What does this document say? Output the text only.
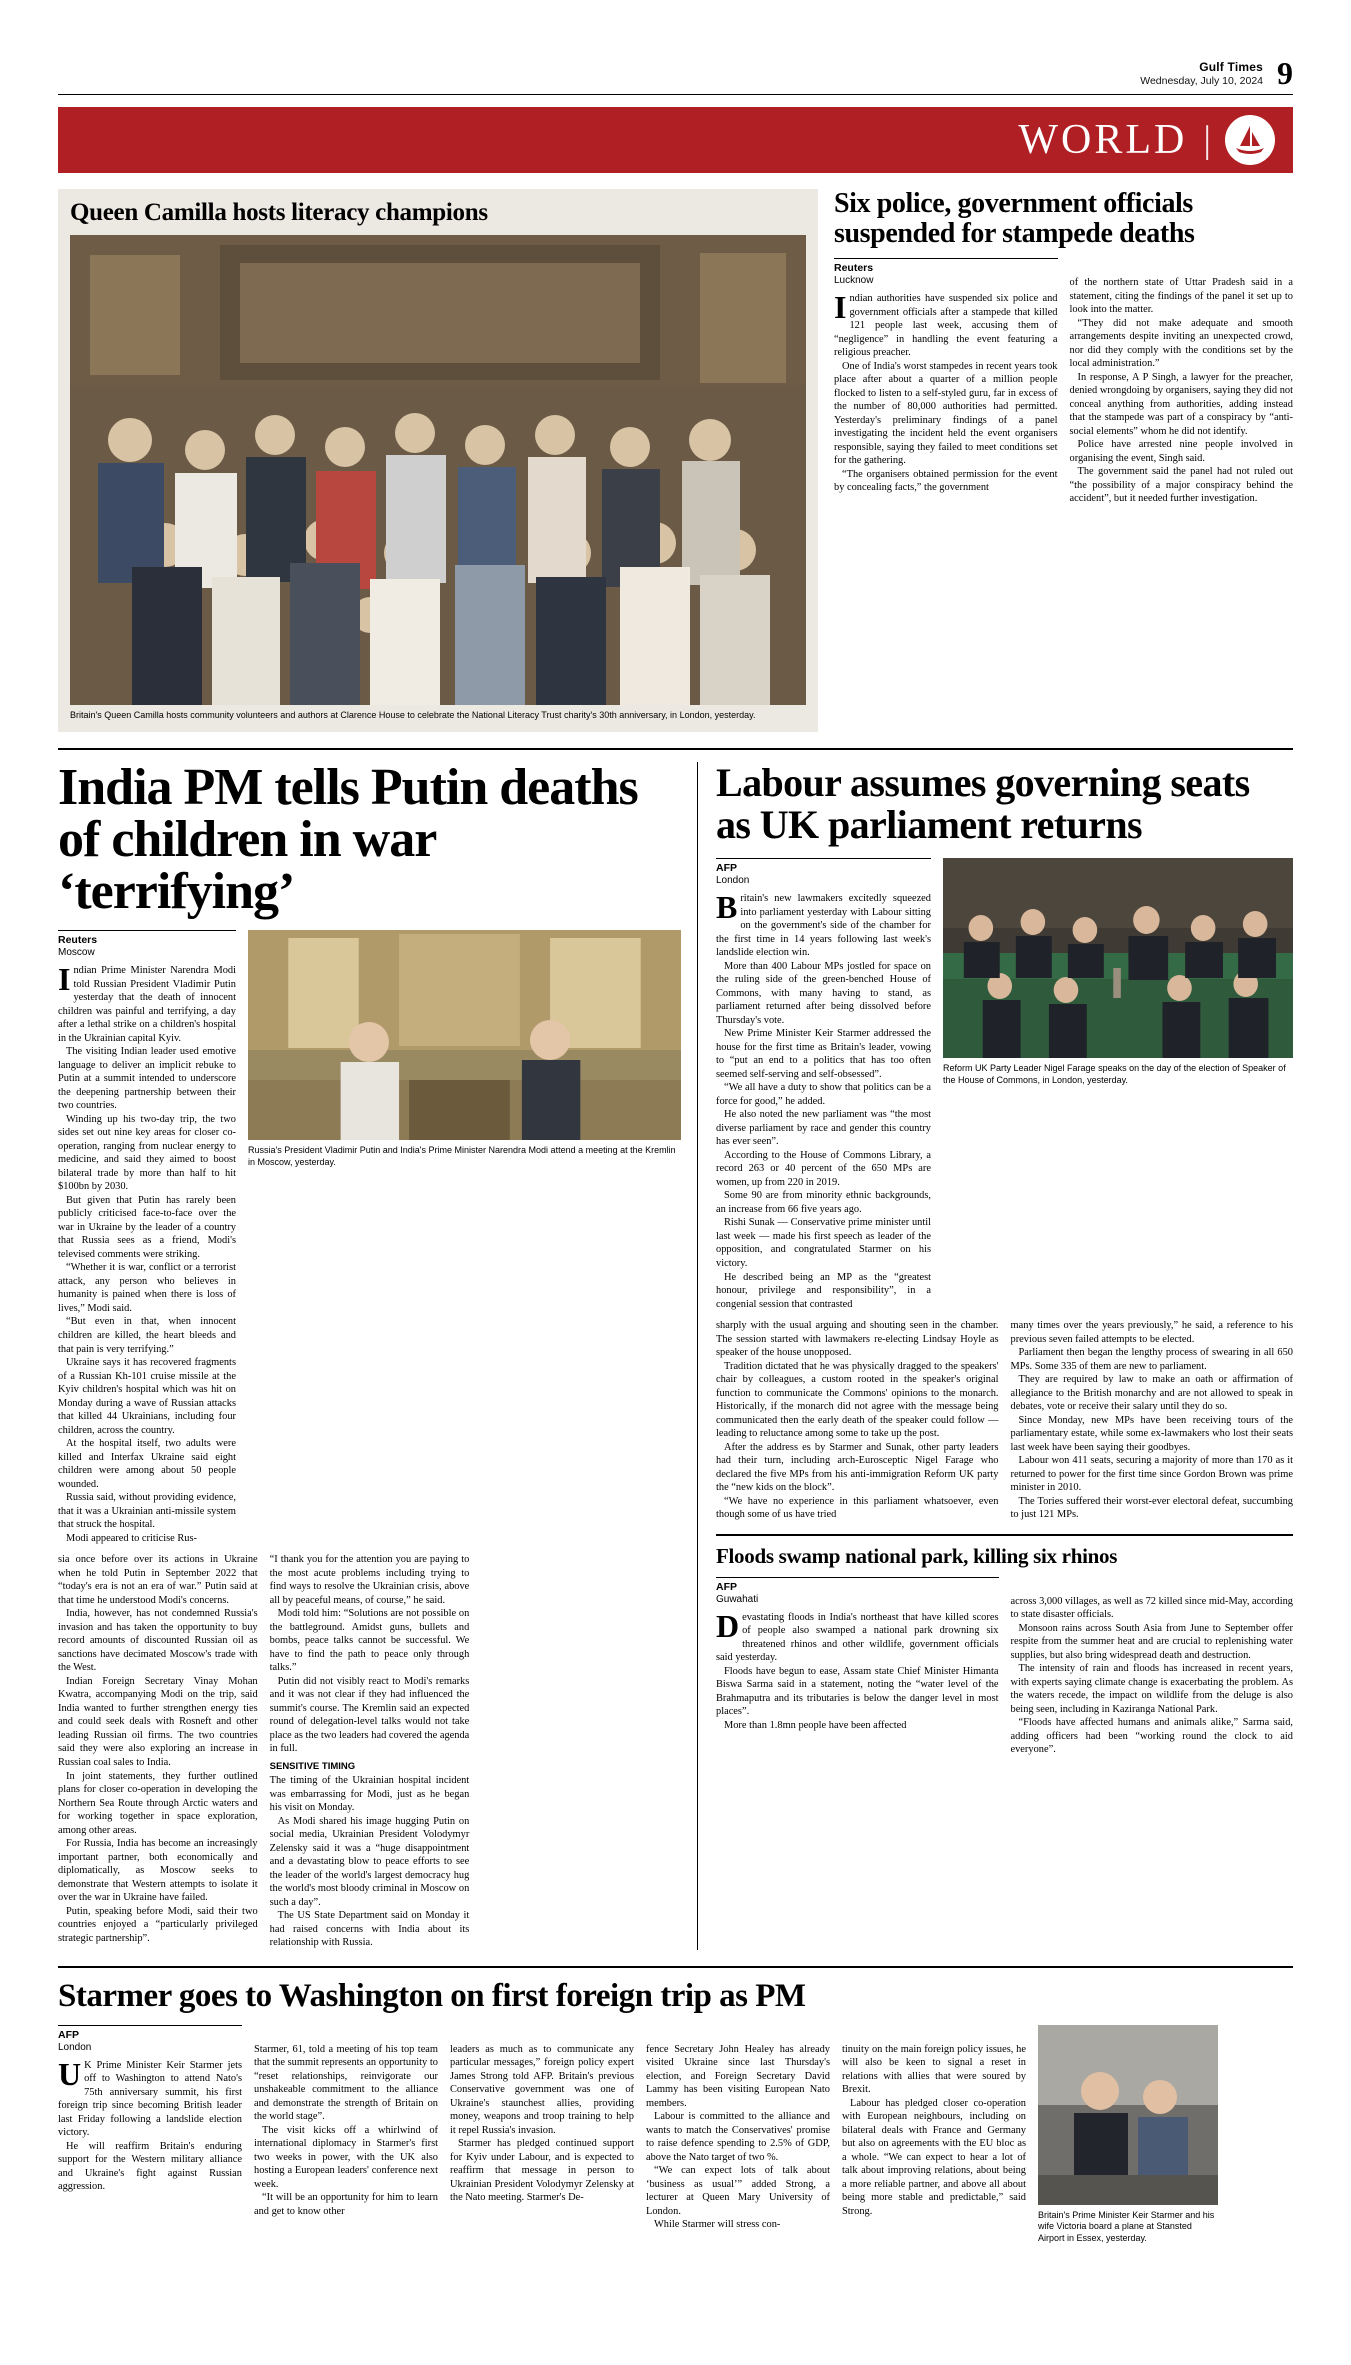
Gulf Times
Wednesday, July 10, 2024 9
WORLD |
Queen Camilla hosts literacy champions
Britain's Queen Camilla hosts community volunteers and authors at Clarence House to celebrate the National Literacy Trust charity's 30th anniversary, in London, yesterday.
Six police, government officials suspended for stampede deaths
Reuters
Lucknow

Indian authorities have suspended six police and government officials after a stampede that killed 121 people last week, accusing them of “negligence” in handling the event featuring a religious preacher.

One of India's worst stampedes in recent years took place after about a quarter of a million people flocked to listen to a self-styled guru, far in excess of the number of 80,000 authorities had permitted. Yesterday's preliminary findings of a panel investigating the incident held the event organisers responsible, saying they failed to meet conditions set for the gathering.

“The organisers obtained permission for the event by concealing facts,” the government

of the northern state of Uttar Pradesh said in a statement, citing the findings of the panel it set up to look into the matter.

“They did not make adequate and smooth arrangements despite inviting an unexpected crowd, nor did they comply with the conditions set by the local administration.”

In response, A P Singh, a lawyer for the preacher, denied wrongdoing by organisers, saying they did not conceal anything from authorities, adding instead that the stampede was part of a conspiracy by “anti-social elements” whom he did not identify.

Police have arrested nine people involved in organising the event, Singh said.

The government said the panel had not ruled out “the possibility of a major conspiracy behind the accident”, but it needed further investigation.

India PM tells Putin deaths of children in war ‘terrifying’
Reuters
Moscow

Indian Prime Minister Narendra Modi told Russian President Vladimir Putin yesterday that the death of innocent children was painful and terrifying, a day after a lethal strike on a children's hospital in the Ukrainian capital Kyiv.

The visiting Indian leader used emotive language to deliver an implicit rebuke to Putin at a summit intended to underscore the deepening partnership between their two countries.

Winding up his two-day trip, the two sides set out nine key areas for closer co-operation, ranging from nuclear energy to medicine, and said they aimed to boost bilateral trade by more than half to hit $100bn by 2030.

But given that Putin has rarely been publicly criticised face-to-face over the war in Ukraine by the leader of a country that Russia sees as a friend, Modi's televised comments were striking.

“Whether it is war, conflict or a terrorist attack, any person who believes in humanity is pained when there is loss of lives,” Modi said.

“But even in that, when innocent children are killed, the heart bleeds and that pain is very terrifying.”

Ukraine says it has recovered fragments of a Russian Kh-101 cruise missile at the Kyiv children's hospital which was hit on Monday during a wave of Russian attacks that killed 44 Ukrainians, including four children, across the country.

At the hospital itself, two adults were killed and Interfax Ukraine said eight children were among about 50 people wounded.

Russia said, without providing evidence, that it was a Ukrainian anti-missile system that struck the hospital.

Modi appeared to criticise Rus-

Russia's President Vladimir Putin and India's Prime Minister Narendra Modi attend a meeting at the Kremlin in Moscow, yesterday.

sia once before over its actions in Ukraine when he told Putin in September 2022 that “today's era is not an era of war.” Putin said at that time he understood Modi's concerns.

India, however, has not condemned Russia's invasion and has taken the opportunity to buy record amounts of discounted Russian oil as sanctions have decimated Moscow's trade with the West.

Indian Foreign Secretary Vinay Mohan Kwatra, accompanying Modi on the trip, said India wanted to further strengthen energy ties and could seek deals with Rosneft and other leading Russian oil firms. The two countries said they were also exploring an increase in Russian coal sales to India.

In joint statements, they further outlined plans for closer co-operation in developing the Northern Sea Route through Arctic waters and for working together in space exploration, among other areas.

For Russia, India has become an increasingly important partner, both economically and diplomatically, as Moscow seeks to demonstrate that Western attempts to isolate it over the war in Ukraine have failed.

Putin, speaking before Modi, said their two countries enjoyed a “particularly privileged strategic partnership”.

“I thank you for the attention you are paying to the most acute problems including trying to find ways to resolve the Ukrainian crisis, above all by peaceful means, of course,” he said.

Modi told him: “Solutions are not possible on the battleground. Amidst guns, bullets and bombs, peace talks cannot be successful. We have to find the path to peace only through talks.”

Putin did not visibly react to Modi's remarks and it was not clear if they had influenced the summit's course. The Kremlin said an expected round of delegation-level talks would not take place as the two leaders had covered the agenda in full.

SENSITIVE TIMING

The timing of the Ukrainian hospital incident was embarrassing for Modi, just as he began his visit on Monday.

As Modi shared his image hugging Putin on social media, Ukrainian President Volodymyr Zelensky said it was a “huge disappointment and a devastating blow to peace efforts to see the leader of the world's largest democracy hug the world's most bloody criminal in Moscow on such a day”.

The US State Department said on Monday it had raised concerns with India about its relationship with Russia.

Labour assumes governing seats as UK parliament returns
AFP
London

Britain's new lawmakers excitedly squeezed into parliament yesterday with Labour sitting on the government's side of the chamber for the first time in 14 years following last week's landslide election win.

More than 400 Labour MPs jostled for space on the ruling side of the green-benched House of Commons, with many having to stand, as parliament returned after being dissolved before Thursday's vote.

New Prime Minister Keir Starmer addressed the house for the first time as Britain's leader, vowing to “put an end to a politics that has too often seemed self-serving and self-obsessed”.

“We all have a duty to show that politics can be a force for good,” he added.

He also noted the new parliament was “the most diverse parliament by race and gender this country has ever seen”.

According to the House of Commons Library, a record 263 or 40 percent of the 650 MPs are women, up from 220 in 2019.

Some 90 are from minority ethnic backgrounds, an increase from 66 five years ago.

Rishi Sunak — Conservative prime minister until last week — made his first speech as leader of the opposition, and congratulated Starmer on his victory.

He described being an MP as the “greatest honour, privilege and responsibility”, in a congenial session that contrasted

Reform UK Party Leader Nigel Farage speaks on the day of the election of Speaker of the House of Commons, in London, yesterday.

sharply with the usual arguing and shouting seen in the chamber. The session started with lawmakers re-electing Lindsay Hoyle as speaker of the house unopposed.

Tradition dictated that he was physically dragged to the speakers' chair by colleagues, a custom rooted in the speaker's original function to communicate the Commons' opinions to the monarch. Historically, if the monarch did not agree with the message being communicated then the early death of the speaker could follow — leading to reluctance among some to take up the post.

After the address es by Starmer and Sunak, other party leaders had their turn, including arch-Eurosceptic Nigel Farage who declared the five MPs from his anti-immigration Reform UK party the “new kids on the block”.

“We have no experience in this parliament whatsoever, even though some of us have tried

many times over the years previously,” he said, a reference to his previous seven failed attempts to be elected.

Parliament then began the lengthy process of swearing in all 650 MPs. Some 335 of them are new to parliament.

They are required by law to make an oath or affirmation of allegiance to the British monarchy and are not allowed to speak in debates, vote or receive their salary until they do so.

Since Monday, new MPs have been receiving tours of the parliamentary estate, while some ex-lawmakers who lost their seats last week have been saying their goodbyes.

Labour won 411 seats, securing a majority of more than 170 as it returned to power for the first time since Gordon Brown was prime minister in 2010.

The Tories suffered their worst-ever electoral defeat, succumbing to just 121 MPs.

Floods swamp national park, killing six rhinos
AFP
Guwahati

Devastating floods in India's northeast that have killed scores of people also swamped a national park drowning six threatened rhinos and other wildlife, government officials said yesterday.

Floods have begun to ease, Assam state Chief Minister Himanta Biswa Sarma said in a statement, noting the “water level of the Brahmaputra and its tributaries is below the danger level in most places”.

More than 1.8mn people have been affected

across 3,000 villages, as well as 72 killed since mid-May, according to state disaster officials.

Monsoon rains across South Asia from June to September offer respite from the summer heat and are crucial to replenishing water supplies, but also bring widespread death and destruction.

The intensity of rain and floods has increased in recent years, with experts saying climate change is exacerbating the problem. As the waters recede, the impact on wildlife from the deluge is also being seen, including in Kaziranga National Park.

“Floods have affected humans and animals alike,” Sarma said, adding officers had been “working round the clock to aid everyone”.

Starmer goes to Washington on first foreign trip as PM
AFP
London

UK Prime Minister Keir Starmer jets off to Washington to attend Nato's 75th anniversary summit, his first foreign trip since becoming British leader last Friday following a landslide election victory.

He will reaffirm Britain's enduring support for the Western military alliance and Ukraine's fight against Russian aggression.

Starmer, 61, told a meeting of his top team that the summit represents an opportunity to “reset relationships, reinvigorate our unshakeable commitment to the alliance and demonstrate the strength of Britain on the world stage”.

The visit kicks off a whirlwind of international diplomacy in Starmer's first two weeks in power, with the UK also hosting a European leaders' conference next week.

“It will be an opportunity for him to learn and get to know other

leaders as much as to communicate any particular messages,” foreign policy expert James Strong told AFP. Britain's previous Conservative government was one of Ukraine's staunchest allies, providing money, weapons and troop training to help it repel Russia's invasion.

Starmer has pledged continued support for Kyiv under Labour, and is expected to reaffirm that message in person to Ukrainian President Volodymyr Zelensky at the Nato meeting. Starmer's De-

fence Secretary John Healey has already visited Ukraine since last Thursday's election, and Foreign Secretary David Lammy has been visiting European Nato members.

Labour is committed to the alliance and wants to match the Conservatives' promise to raise defence spending to 2.5% of GDP, above the Nato target of two %.

“We can expect lots of talk about ‘business as usual’” added Strong, a lecturer at Queen Mary University of London.

While Starmer will stress con-

tinuity on the main foreign policy issues, he will also be keen to signal a reset in relations with allies that were soured by Brexit.

Labour has pledged closer co-operation with European neighbours, including on bilateral deals with France and Germany but also on agreements with the EU bloc as a whole. “We can expect to hear a lot of talk about improving relations, about being a more reliable partner, and above all about being more stable and predictable,” said Strong.	Britain's Prime Minister Keir Starmer and his wife Victoria board a plane at Stansted Airport in Essex, yesterday.
